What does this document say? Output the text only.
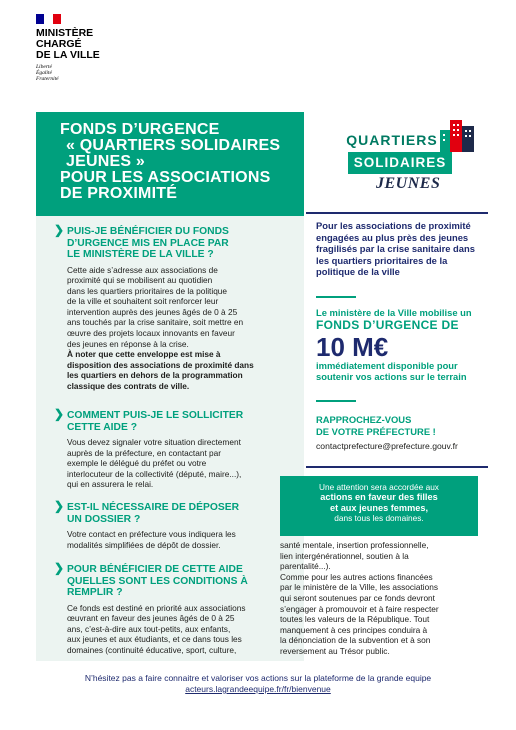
MINISTÈRE
CHARGÉ
DE LA VILLE
Liberté
Égalité
Fraternité
FONDS D’URGENCE
« QUARTIERS SOLIDAIRES JEUNES »
POUR LES ASSOCIATIONS
DE PROXIMITÉ
QUARTIERS
SOLIDAIRES
JEUNES
❯ PUIS-JE BÉNÉFICIER DU FONDS
D’URGENCE MIS EN PLACE PAR
LE MINISTÈRE DE LA VILLE ?
Cette aide s’adresse aux associations de
proximité qui se mobilisent au quotidien
dans les quartiers prioritaires de la politique
de la ville et souhaitent soit renforcer leur
intervention auprès des jeunes âgés de 0 à 25
ans touchés par la crise sanitaire, soit mettre en
œuvre des projets locaux innovants en faveur
des jeunes en réponse à la crise.
À noter que cette enveloppe est mise à
disposition des associations de proximité dans
les quartiers en dehors de la programmation
classique des contrats de ville.
❯ COMMENT PUIS-JE LE SOLLICITER
CETTE AIDE ?
Vous devez signaler votre situation directement
auprès de la préfecture, en contactant par
exemple le délégué du préfet ou votre
interlocuteur de la collectivité (député, maire...),
qui en assurera le relai.
❯ EST-IL NÉCESSAIRE DE DÉPOSER
UN DOSSIER ?
Votre contact en préfecture vous indiquera les
modalités simplifiées de dépôt de dossier.
❯ POUR BÉNÉFICIER DE CETTE AIDE
QUELLES SONT LES CONDITIONS À
REMPLIR ?
Ce fonds est destiné en priorité aux associations
œuvrant en faveur des jeunes âgés de 0 à 25
ans, c’est-à-dire aux tout-petits, aux enfants,
aux jeunes et aux étudiants, et ce dans tous les
domaines (continuité éducative, sport, culture,
Pour les associations de proximité
engagées au plus près des jeunes
fragilisés par la crise sanitaire dans
les quartiers prioritaires de la
politique de la ville
Le ministère de la Ville mobilise un
FONDS D’URGENCE DE
10 M€
immédiatement disponible pour
soutenir vos actions sur le terrain
RAPPROCHEZ-VOUS
DE VOTRE PRÉFECTURE !
contactprefecture@prefecture.gouv.fr
Une attention sera accordée aux
actions en faveur des filles
et aux jeunes femmes,
dans tous les domaines.
santé mentale, insertion professionnelle,
lien intergénérationnel, soutien à la
parentalité...).
Comme pour les autres actions financées
par le ministère de la Ville, les associations
qui seront soutenues par ce fonds devront
s’engager à promouvoir et à faire respecter
toutes les valeurs de la République. Tout
manquement à ces principes conduira à
la dénonciation de la subvention et à son
reversement au Trésor public.
N’hésitez pas a faire connaitre et valoriser vos actions sur la plateforme de la grande equipe
acteurs.lagrandeequipe.fr/fr/bienvenue
